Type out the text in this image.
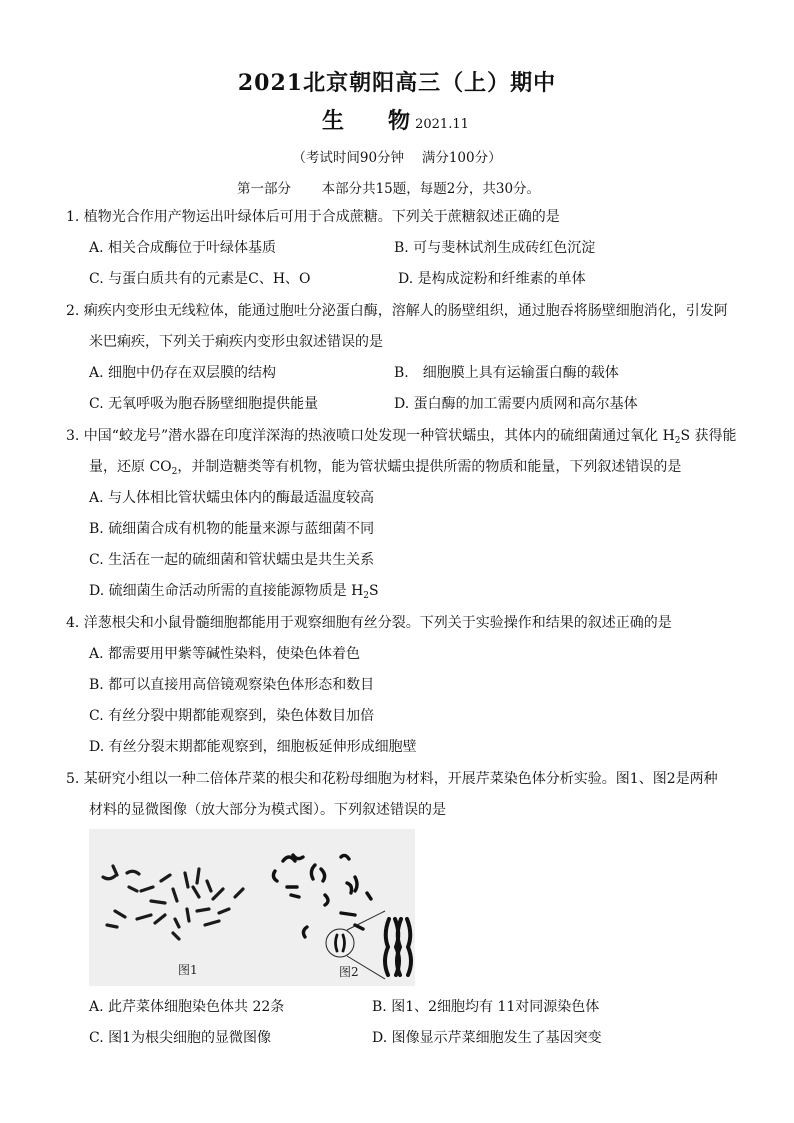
2021北京朝阳高三（上）期中
生　　物 2021.11
（考试时间90分钟　 满分100分）
第一部分 本部分共15题，每题2分，共30分。
1. 植物光合作用产物运出叶绿体后可用于合成蔗糖。下列关于蔗糖叙述正确的是
A. 相关合成酶位于叶绿体基质	B. 可与斐林试剂生成砖红色沉淀
C. 与蛋白质共有的元素是C、H、O	D. 是构成淀粉和纤维素的单体
2. 痢疾内变形虫无线粒体，能通过胞吐分泌蛋白酶，溶解人的肠壁组织，通过胞吞将肠壁细胞消化，引发阿
米巴痢疾，下列关于痢疾内变形虫叙述错误的是
A. 细胞中仍存在双层膜的结构	B.　细胞膜上具有运输蛋白酶的载体
C. 无氧呼吸为胞吞肠壁细胞提供能量	D. 蛋白酶的加工需要内质网和高尔基体
3. 中国“蛟龙号”潜水器在印度洋深海的热液喷口处发现一种管状蠕虫，其体内的硫细菌通过氧化 $H_2S$ 获得能
量，还原 $CO_2$，并制造糖类等有机物，能为管状蠕虫提供所需的物质和能量，下列叙述错误的是
A. 与人体相比管状蠕虫体内的酶最适温度较高
B. 硫细菌合成有机物的能量来源与蓝细菌不同
C. 生活在一起的硫细菌和管状蠕虫是共生关系
D. 硫细菌生命活动所需的直接能源物质是 $H_2S$
4. 洋葱根尖和小鼠骨髓细胞都能用于观察细胞有丝分裂。下列关于实验操作和结果的叙述正确的是
A. 都需要用甲紫等碱性染料，使染色体着色
B. 都可以直接用高倍镜观察染色体形态和数目
C. 有丝分裂中期都能观察到，染色体数目加倍
D. 有丝分裂末期都能观察到，细胞板延伸形成细胞壁
5. 某研究小组以一种二倍体芹菜的根尖和花粉母细胞为材料，开展芹菜染色体分析实验。图1、图2是两种
材料的显微图像（放大部分为模式图）。下列叙述错误的是
图1	图2
A. 此芹菜体细胞染色体共 22条	B. 图1、2细胞均有 11对同源染色体
C. 图1为根尖细胞的显微图像	D. 图像显示芹菜细胞发生了基因突变
